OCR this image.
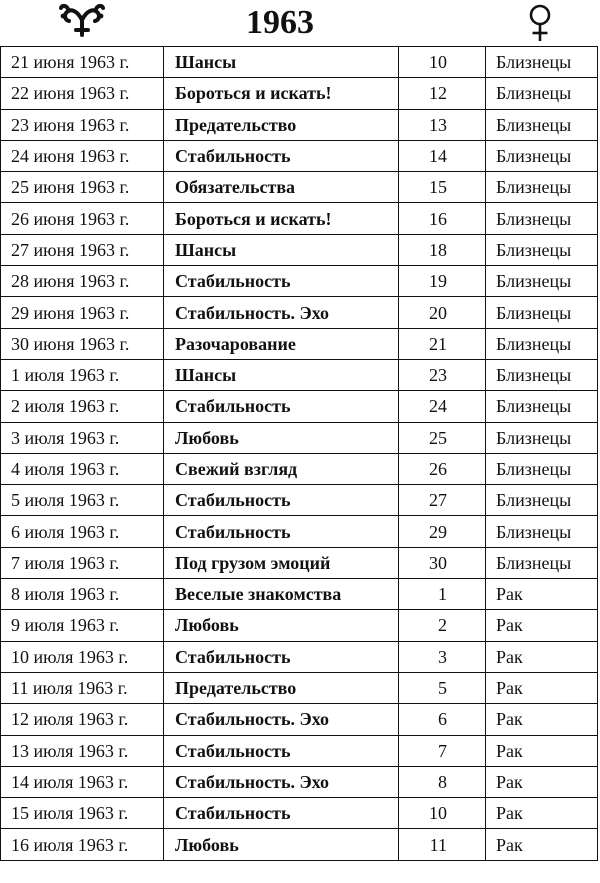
1963
21 июня 1963 г.	Шансы	10	Близнецы
22 июня 1963 г.	Бороться и искать!	12	Близнецы
23 июня 1963 г.	Предательство	13	Близнецы
24 июня 1963 г.	Стабильность	14	Близнецы
25 июня 1963 г.	Обязательства	15	Близнецы
26 июня 1963 г.	Бороться и искать!	16	Близнецы
27 июня 1963 г.	Шансы	18	Близнецы
28 июня 1963 г.	Стабильность	19	Близнецы
29 июня 1963 г.	Стабильность. Эхо	20	Близнецы
30 июня 1963 г.	Разочарование	21	Близнецы
1 июля 1963 г.	Шансы	23	Близнецы
2 июля 1963 г.	Стабильность	24	Близнецы
3 июля 1963 г.	Любовь	25	Близнецы
4 июля 1963 г.	Свежий взгляд	26	Близнецы
5 июля 1963 г.	Стабильность	27	Близнецы
6 июля 1963 г.	Стабильность	29	Близнецы
7 июля 1963 г.	Под грузом эмоций	30	Близнецы
8 июля 1963 г.	Веселые знакомства	1	Рак
9 июля 1963 г.	Любовь	2	Рак
10 июля 1963 г.	Стабильность	3	Рак
11 июля 1963 г.	Предательство	5	Рак
12 июля 1963 г.	Стабильность. Эхо	6	Рак
13 июля 1963 г.	Стабильность	7	Рак
14 июля 1963 г.	Стабильность. Эхо	8	Рак
15 июля 1963 г.	Стабильность	10	Рак
16 июля 1963 г.	Любовь	11	Рак
